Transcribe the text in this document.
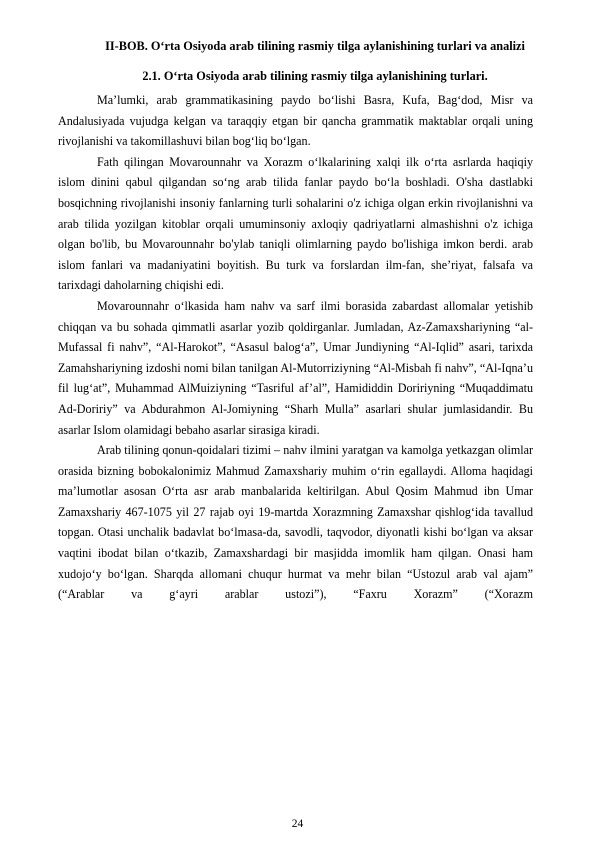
II-BOB. O‘rta Osiyoda arab tilining rasmiy tilga aylanishining turlari va analizi

2.1. O‘rta Osiyoda arab tilining rasmiy tilga aylanishining turlari.

Ma’lumki, arab grammatikasining paydo bo‘lishi Basra, Kufa, Bag‘dod, Misr va Andalusiyada vujudga kelgan va taraqqiy etgan bir qancha grammatik maktablar orqali uning rivojlanishi va takomillashuvi bilan bog‘liq bo‘lgan.

Fath qilingan Movarounnahr va Xorazm o‘lkalarining xalqi ilk o‘rta asrlarda haqiqiy islom dinini qabul qilgandan so‘ng arab tilida fanlar paydo bo‘la boshladi. O'sha dastlabki bosqichning rivojlanishi insoniy fanlarning turli sohalarini o'z ichiga olgan erkin rivojlanishni va arab tilida yozilgan kitoblar orqali umuminsoniy axloqiy qadriyatlarni almashishni o'z ichiga olgan bo'lib, bu Movarounnahr bo'ylab taniqli olimlarning paydo bo'lishiga imkon berdi. arab islom fanlari va madaniyatini boyitish. Bu turk va forslardan ilm-fan, she’riyat, falsafa va tarixdagi daholarning chiqishi edi.

Movarounnahr o‘lkasida ham nahv va sarf ilmi borasida zabardast allomalar yetishib chiqqan va bu sohada qimmatli asarlar yozib qoldirganlar. Jumladan, Az-Zamaxshariyning “al-Mufassal fi nahv”, “Al-Harokot”, “Asasul balog‘a”, Umar Jundiyning “Al-Iqlid” asari, tarixda Zamahshariyning izdoshi nomi bilan tanilgan Al-Mutorriziyning “Al-Misbah fi nahv”, “Al-Iqna’u fil lug‘at”, Muhammad AlMuiziyning “Tasriful af’al”, Hamididdin Doririyning “Muqaddimatu Ad-Doririy” va Abdurahmon Al-Jomiyning “Sharh Mulla” asarlari shular jumlasidandir. Bu asarlar Islom olamidagi bebaho asarlar sirasiga kiradi.

Arab tilining qonun-qoidalari tizimi – nahv ilmini yaratgan va kamolga yetkazgan olimlar orasida bizning bobokalonimiz Mahmud Zamaxshariy muhim o‘rin egallaydi. Alloma haqidagi ma’lumotlar asosan O‘rta asr arab manbalarida keltirilgan. Abul Qosim Mahmud ibn Umar Zamaxshariy 467-1075 yil 27 rajab oyi 19-martda Xorazmning Zamaxshar qishlog‘ida tavallud topgan. Otasi unchalik badavlat bo‘lmasa-da, savodli, taqvodor, diyonatli kishi bo‘lgan va aksar vaqtini ibodat bilan o‘tkazib, Zamaxshardagi bir masjidda imomlik ham qilgan. Onasi ham xudojo‘y bo‘lgan. Sharqda allomani chuqur hurmat va mehr bilan “Ustozul arab val ajam” (“Arablar va g‘ayri arablar ustozi”), “Faxru Xorazm” (“Xorazm

24
